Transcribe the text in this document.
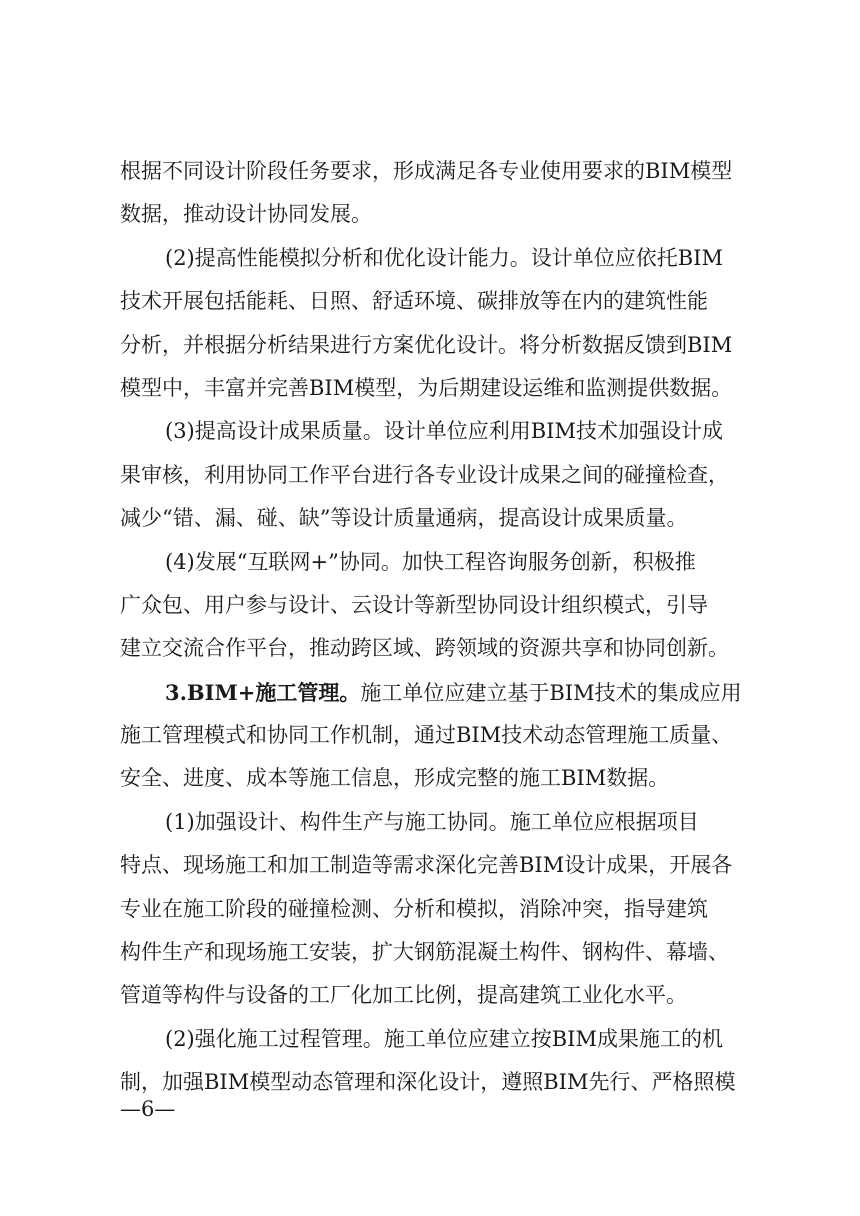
根据不同设计阶段任务要求，形成满足各专业使用要求的BIM模型
数据，推动设计协同发展。
(2)提高性能模拟分析和优化设计能力。设计单位应依托BIM
技术开展包括能耗、日照、舒适环境、碳排放等在内的建筑性能
分析，并根据分析结果进行方案优化设计。将分析数据反馈到BIM
模型中，丰富并完善BIM模型，为后期建设运维和监测提供数据。
(3)提高设计成果质量。设计单位应利用BIM技术加强设计成
果审核，利用协同工作平台进行各专业设计成果之间的碰撞检查，
减少“错、漏、碰、缺”等设计质量通病，提高设计成果质量。
(4)发展“互联网+”协同。加快工程咨询服务创新，积极推
广众包、用户参与设计、云设计等新型协同设计组织模式，引导
建立交流合作平台，推动跨区域、跨领域的资源共享和协同创新。
3.BIM+施工管理。施工单位应建立基于BIM技术的集成应用
施工管理模式和协同工作机制，通过BIM技术动态管理施工质量、
安全、进度、成本等施工信息，形成完整的施工BIM数据。
(1)加强设计、构件生产与施工协同。施工单位应根据项目
特点、现场施工和加工制造等需求深化完善BIM设计成果，开展各
专业在施工阶段的碰撞检测、分析和模拟，消除冲突，指导建筑
构件生产和现场施工安装，扩大钢筋混凝土构件、钢构件、幕墙、
管道等构件与设备的工厂化加工比例，提高建筑工业化水平。
(2)强化施工过程管理。施工单位应建立按BIM成果施工的机
制，加强BIM模型动态管理和深化设计，遵照BIM先行、严格照模
—6—
